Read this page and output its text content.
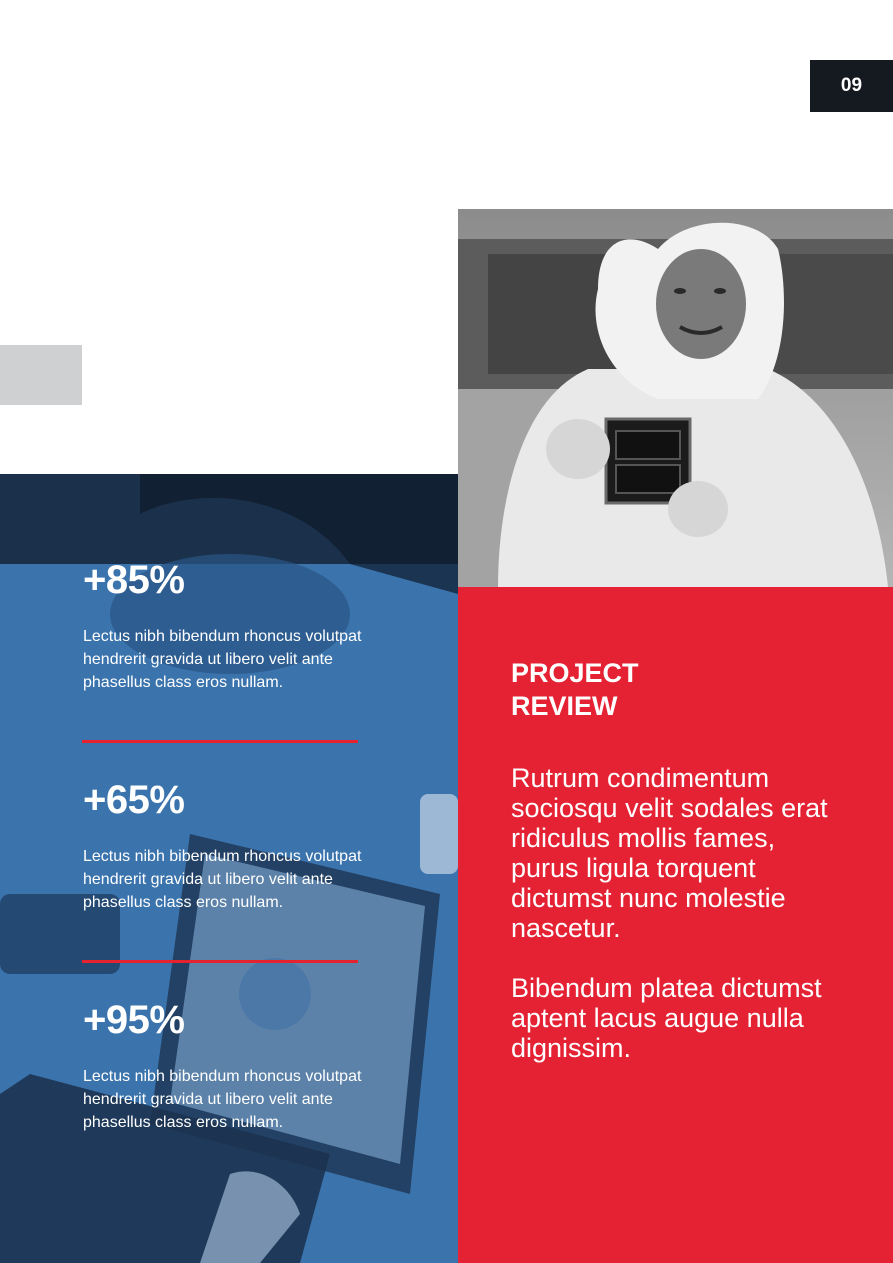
09
+85%
Lectus nibh bibendum rhoncus volutpat hendrerit gravida ut libero velit ante phasellus class eros nullam.
+65%
Lectus nibh bibendum rhoncus volutpat hendrerit gravida ut libero velit ante phasellus class eros nullam.
+95%
Lectus nibh bibendum rhoncus volutpat hendrerit gravida ut libero velit ante phasellus class eros nullam.
PROJECT
REVIEW

Rutrum condimentum sociosqu velit sodales erat ridiculus mollis fames, purus ligula torquent dictumst nunc molestie nascetur.

Bibendum platea dictumst aptent lacus augue nulla dignissim.
